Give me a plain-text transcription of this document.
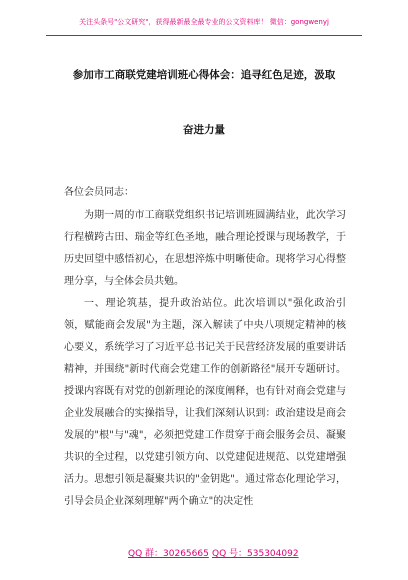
关注头条号"公文研究"，获得最新最全最专业的公文资料库！ 微信：gongwenyj
参加市工商联党建培训班心得体会：追寻红色足迹，汲取
奋进力量

各位会员同志：

为期一周的市工商联党组织书记培训班圆满结业，此次学习行程横跨古田、瑞金等红色圣地，融合理论授课与现场教学，于历史回望中感悟初心，在思想淬炼中明晰使命。现将学习心得整理分享，与全体会员共勉。

一、理论筑基，提升政治站位。此次培训以"强化政治引领，赋能商会发展"为主题，深入解读了中央八项规定精神的核心要义，系统学习了习近平总书记关于民营经济发展的重要讲话精神，并围绕"新时代商会党建工作的创新路径"展开专题研讨。授课内容既有对党的创新理论的深度阐释，也有针对商会党建与企业发展融合的实操指导，让我们深刻认识到：政治建设是商会发展的"根"与"魂"，必须把党建工作贯穿于商会服务会员、凝聚共识的全过程，以党建引领方向、以党建促进规范、以党建增强活力。思想引领是凝聚共识的"金钥匙"。通过常态化理论学习，引导会员企业深刻理解"两个确立"的决定性

QQ 群：30265665 QQ 号：535304092
